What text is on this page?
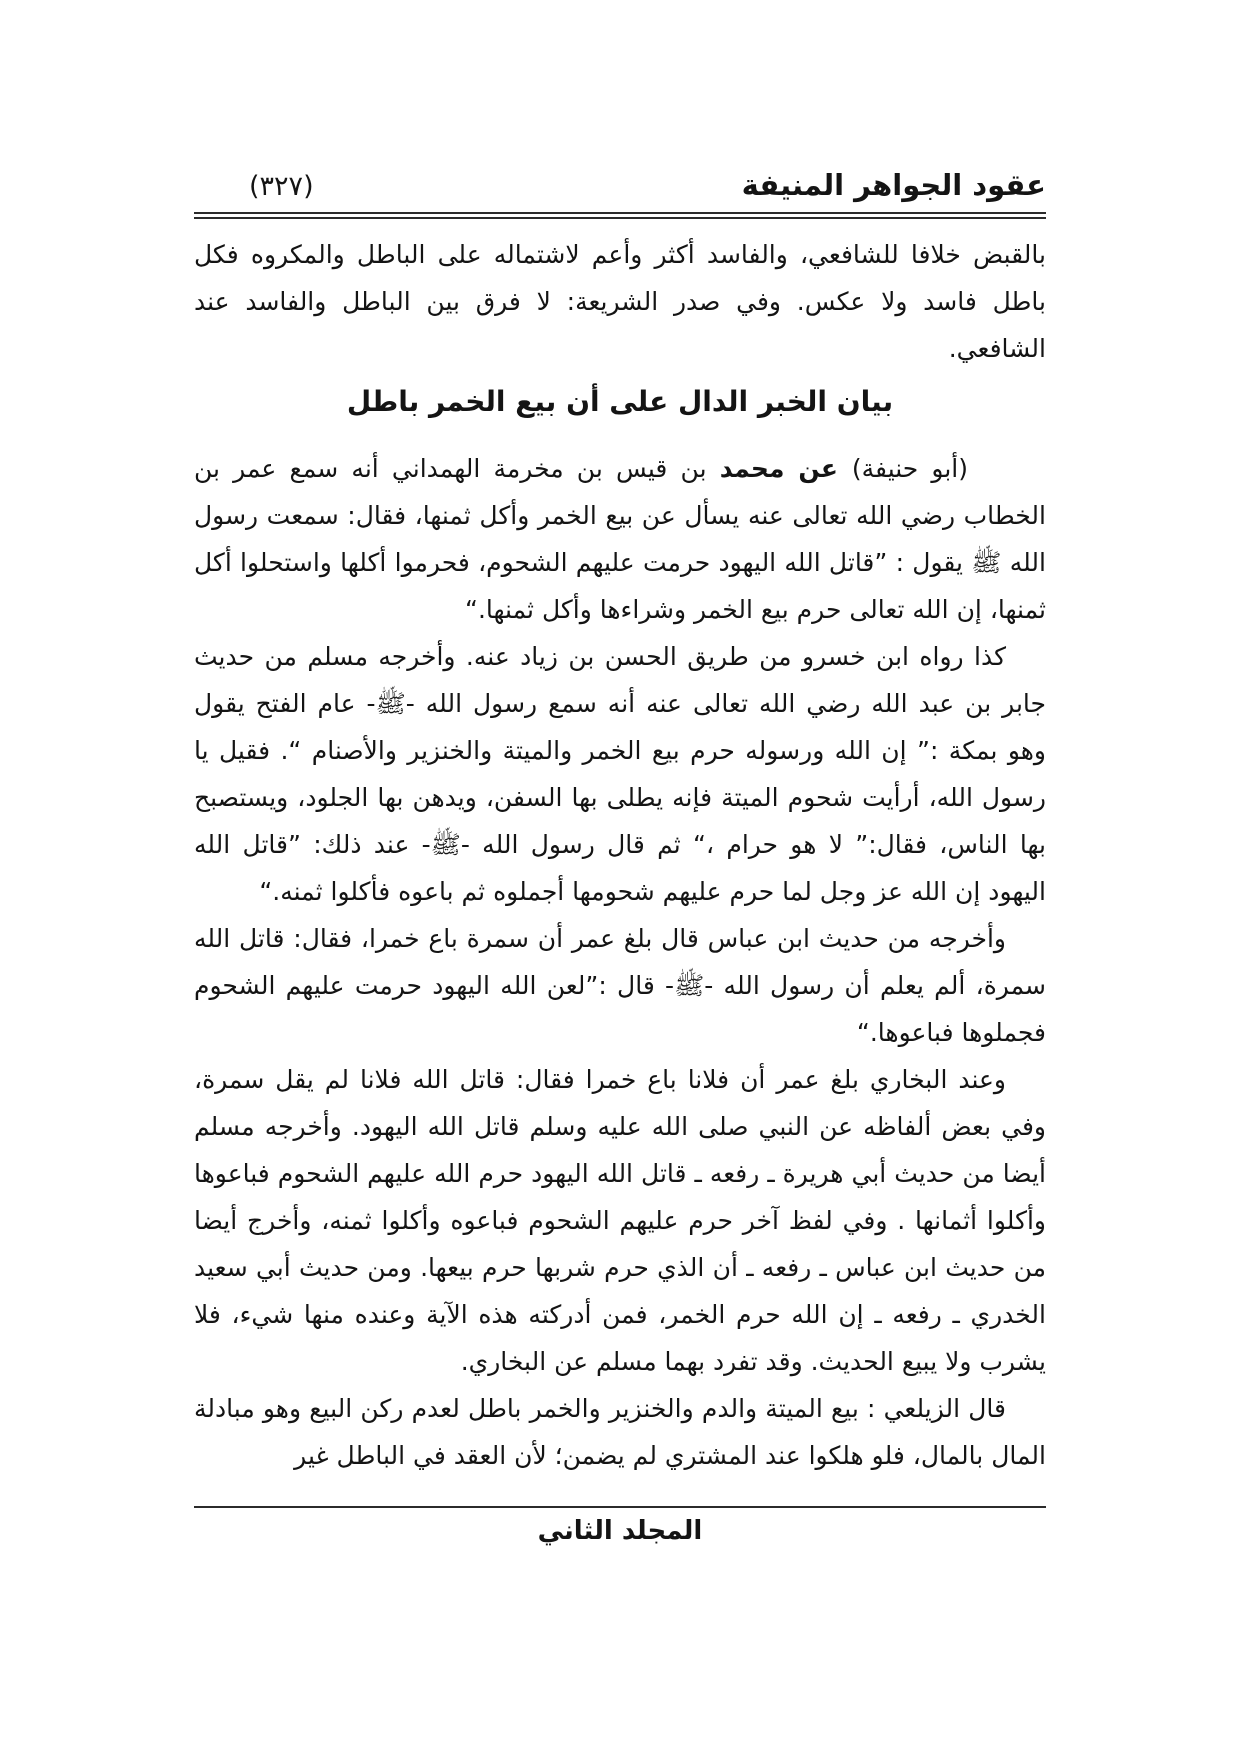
عقود الجواهر المنيفة
(٣٢٧)

بالقبض خلافا للشافعي، والفاسد أكثر وأعم لاشتماله على الباطل والمكروه فكل باطل فاسد ولا عكس. وفي صدر الشريعة: لا فرق بين الباطل والفاسد عند الشافعي.

بيان الخبر الدال على أن بيع الخمر باطل

(أبو حنيفة) عن محمد بن قيس بن مخرمة الهمداني أنه سمع عمر بن الخطاب رضي الله تعالى عنه يسأل عن بيع الخمر وأكل ثمنها، فقال: سمعت رسول الله ﷺ يقول : ”قاتل الله اليهود حرمت عليهم الشحوم، فحرموا أكلها واستحلوا أكل ثمنها، إن الله تعالى حرم بيع الخمر وشراءها وأكل ثمنها.“

كذا رواه ابن خسرو من طريق الحسن بن زياد عنه. وأخرجه مسلم من حديث جابر بن عبد الله رضي الله تعالى عنه أنه سمع رسول الله -ﷺ- عام الفتح يقول وهو بمكة :” إن الله ورسوله حرم بيع الخمر والميتة والخنزير والأصنام “. فقيل يا رسول الله، أرأيت شحوم الميتة فإنه يطلى بها السفن، ويدهن بها الجلود، ويستصبح بها الناس، فقال:” لا هو حرام ،“ ثم قال رسول الله -ﷺ- عند ذلك: ”قاتل الله اليهود إن الله عز وجل لما حرم عليهم شحومها أجملوه ثم باعوه فأكلوا ثمنه.“

وأخرجه من حديث ابن عباس قال بلغ عمر أن سمرة باع خمرا، فقال: قاتل الله سمرة، ألم يعلم أن رسول الله -ﷺ- قال :”لعن الله اليهود حرمت عليهم الشحوم فجملوها فباعوها.“

وعند البخاري بلغ عمر أن فلانا باع خمرا فقال: قاتل الله فلانا لم يقل سمرة، وفي بعض ألفاظه عن النبي صلى الله عليه وسلم قاتل الله اليهود. وأخرجه مسلم أيضا من حديث أبي هريرة ـ رفعه ـ قاتل الله اليهود حرم الله عليهم الشحوم فباعوها وأكلوا أثمانها . وفي لفظ آخر حرم عليهم الشحوم فباعوه وأكلوا ثمنه، وأخرج أيضا من حديث ابن عباس ـ رفعه ـ أن الذي حرم شربها حرم بيعها. ومن حديث أبي سعيد الخدري ـ رفعه ـ إن الله حرم الخمر، فمن أدركته هذه الآية وعنده منها شيء، فلا يشرب ولا يبيع الحديث. وقد تفرد بهما مسلم عن البخاري.

قال الزيلعي : بيع الميتة والدم والخنزير والخمر باطل لعدم ركن البيع وهو مبادلة المال بالمال، فلو هلكوا عند المشتري لم يضمن؛ لأن العقد في الباطل غير

المجلد الثاني
